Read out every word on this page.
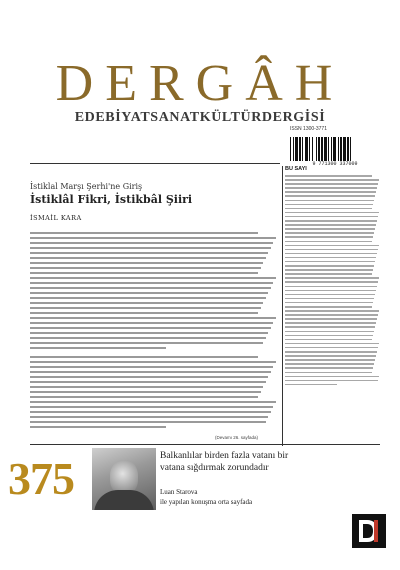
DERGÂH
EDEBİYATSANATKÜLTÜRDERGİSİ
ISSN 1300-3771
9 771300 337009

İstiklal Marşı Şerhi'ne Giriş

İstiklâl Fikri, İstikbâl Şiiri

İSMAİL KARA
BU SAYI
(Devamı 26. sayfada)
375	Balkanlılar birden fazla vatanı bir vatana sığdırmak zorundadır
Luan Starova
ile yapılan konuşma orta sayfada
